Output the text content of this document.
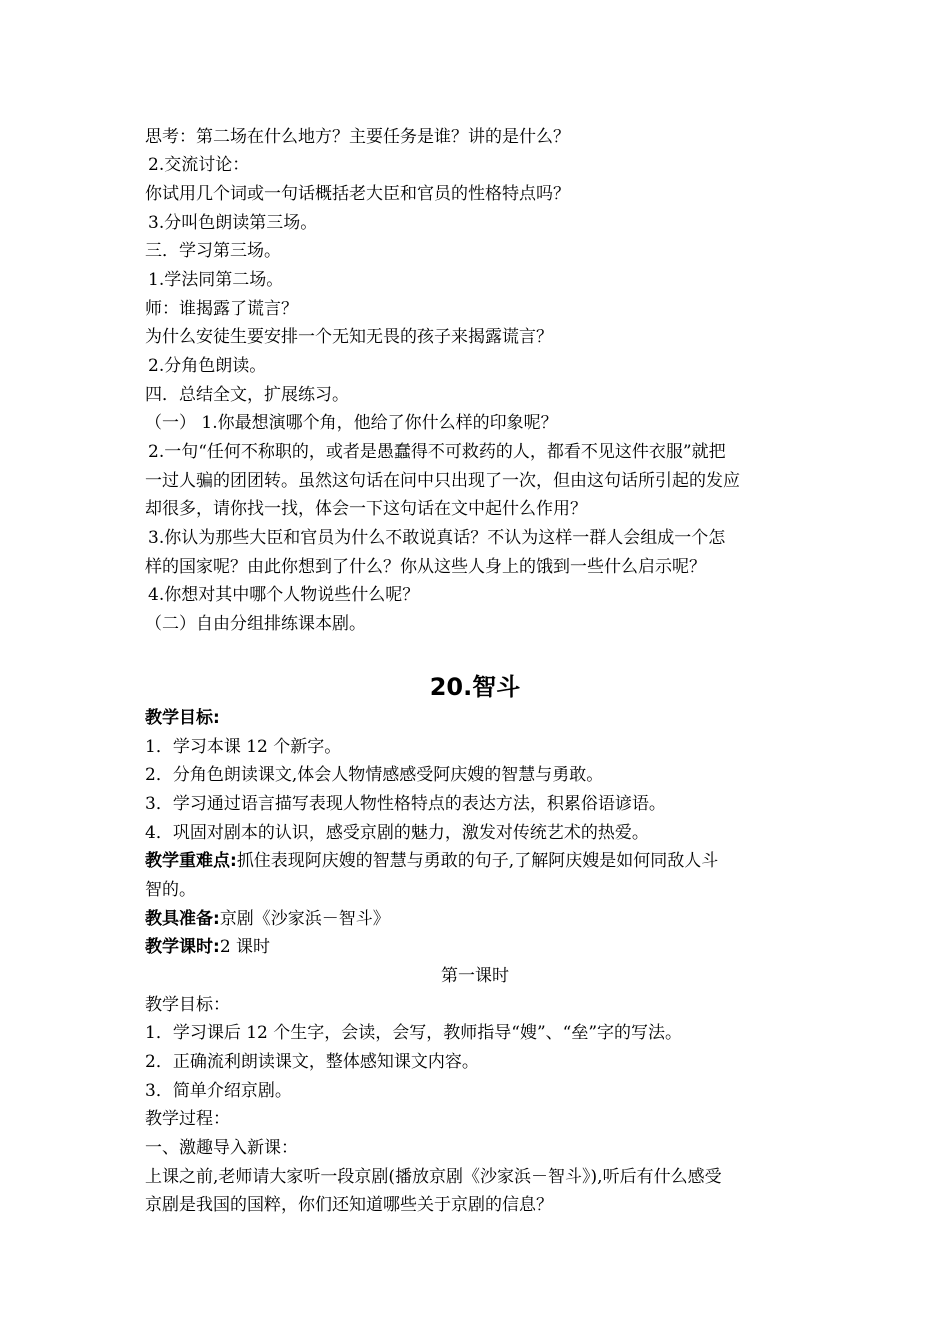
思考：第二场在什么地方？主要任务是谁？讲的是什么？
2.交流讨论：
你试用几个词或一句话概括老大臣和官员的性格特点吗？
3.分叫色朗读第三场。
三．学习第三场。
1.学法同第二场。
师：谁揭露了谎言？
为什么安徒生要安排一个无知无畏的孩子来揭露谎言？
2.分角色朗读。
四．总结全文，扩展练习。
（一） 1.你最想演哪个角，他给了你什么样的印象呢？
2.一句“任何不称职的，或者是愚蠢得不可救药的人，都看不见这件衣服”就把
一过人骗的团团转。虽然这句话在问中只出现了一次，但由这句话所引起的发应
却很多，请你找一找，体会一下这句话在文中起什么作用？
3.你认为那些大臣和官员为什么不敢说真话？不认为这样一群人会组成一个怎
样的国家呢？由此你想到了什么？你从这些人身上的饿到一些什么启示呢？
4.你想对其中哪个人物说些什么呢？
（二）自由分组排练课本剧。
20.智斗
教学目标:
1．学习本课 12 个新字。
2．分角色朗读课文,体会人物情感感受阿庆嫂的智慧与勇敢。
3．学习通过语言描写表现人物性格特点的表达方法，积累俗语谚语。
4．巩固对剧本的认识，感受京剧的魅力，激发对传统艺术的热爱。
教学重难点:抓住表现阿庆嫂的智慧与勇敢的句子,了解阿庆嫂是如何同敌人斗
智的。
教具准备:京剧《沙家浜－智斗》
教学课时:2 课时
第一课时
教学目标：
1．学习课后 12 个生字，会读，会写，教师指导“嫂”、“垒”字的写法。
2．正确流利朗读课文，整体感知课文内容。
3．简单介绍京剧。
教学过程：
一、激趣导入新课：
上课之前,老师请大家听一段京剧(播放京剧《沙家浜－智斗》),听后有什么感受
京剧是我国的国粹，你们还知道哪些关于京剧的信息？
